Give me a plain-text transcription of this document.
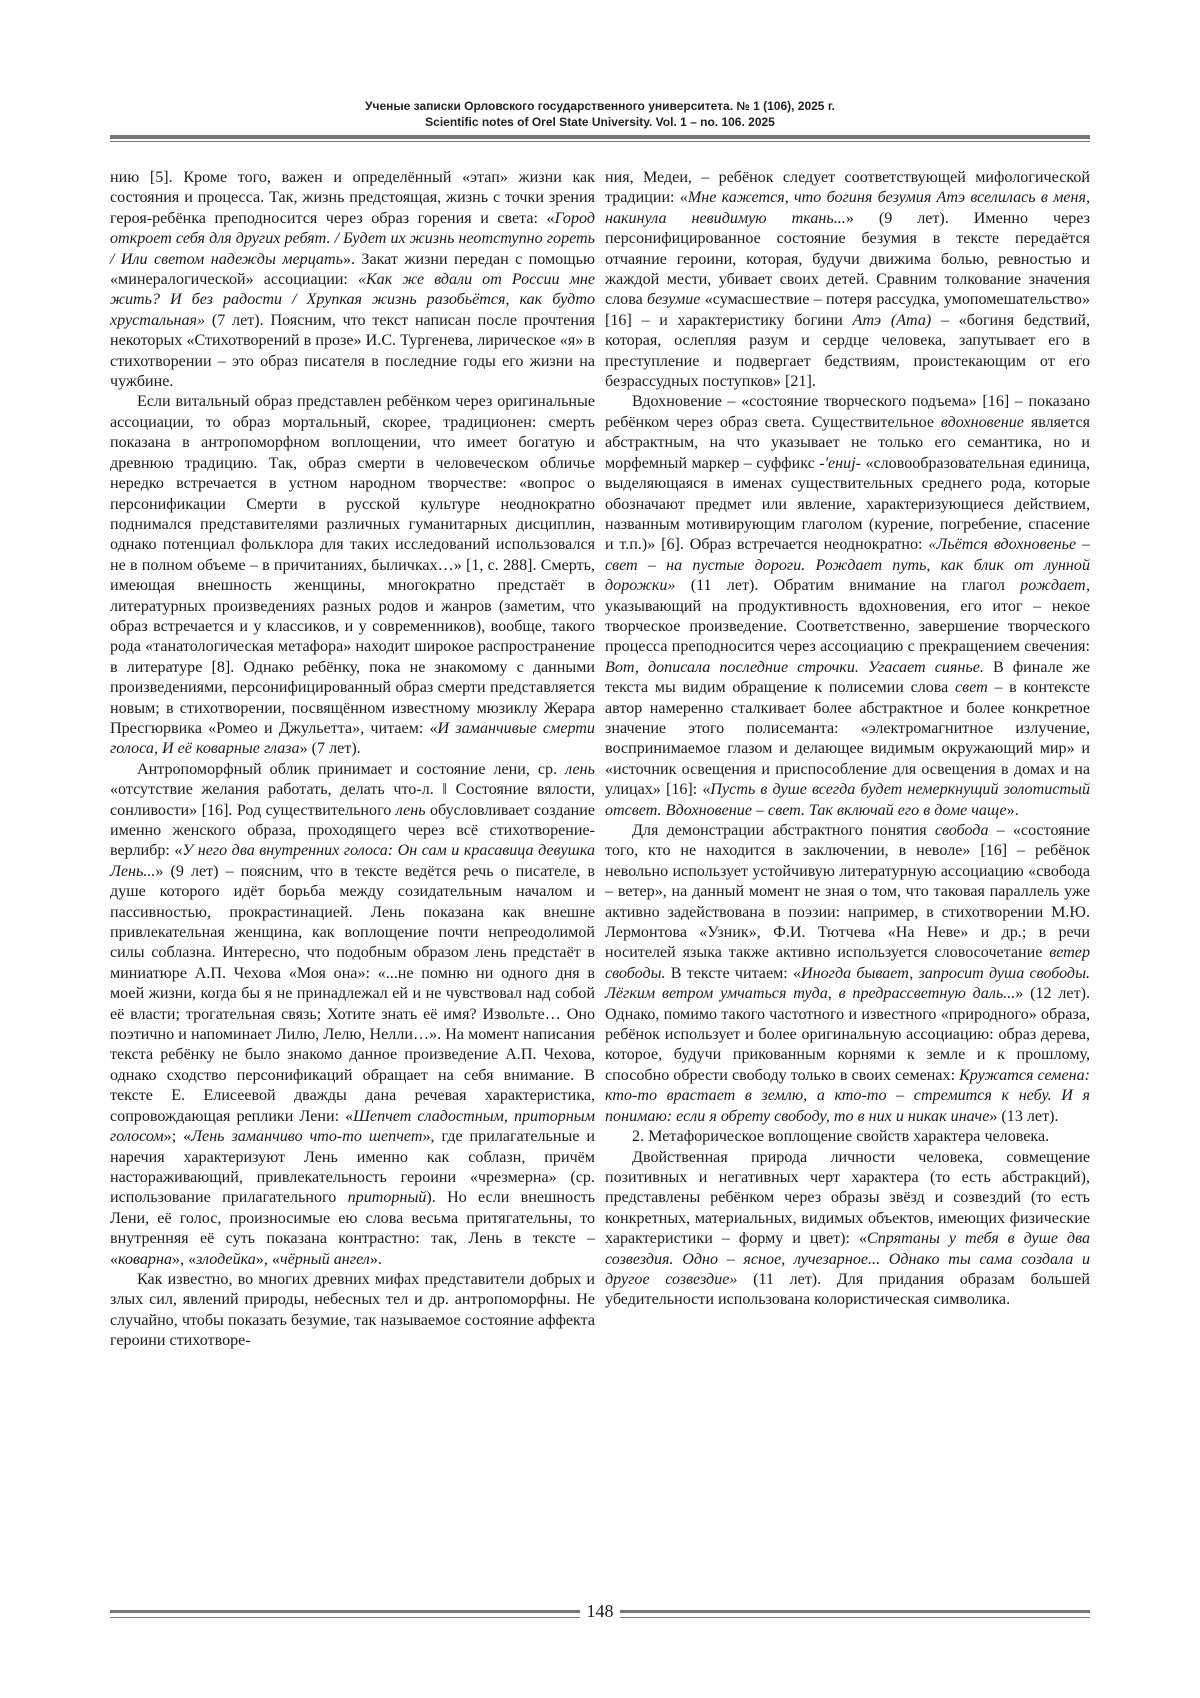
Ученые записки Орловского государственного университета. № 1 (106), 2025 г.
Scientific notes of Orel State University. Vol. 1 – no. 106. 2025

нию [5]. Кроме того, важен и определённый «этап» жизни как состояния и процесса. Так, жизнь предстоящая, жизнь с точки зрения героя-ребёнка преподносится через образ горения и света: «Город откроет себя для других ребят. / Будет их жизнь неотступно гореть / Или светом надежды мерцать». Закат жизни передан с помощью «минералогической» ассоциации: «Как же вдали от России мне жить? И без радости / Хрупкая жизнь разобьётся, как будто хрустальная» (7 лет). Поясним, что текст написан после прочтения некоторых «Стихотворений в прозе» И.С. Тургенева, лирическое «я» в стихотворении – это образ писателя в последние годы его жизни на чужбине.

Если витальный образ представлен ребёнком через оригинальные ассоциации, то образ мортальный, скорее, традиционен: смерть показана в антропоморфном воплощении, что имеет богатую и древнюю традицию. Так, образ смерти в человеческом обличье нередко встречается в устном народном творчестве: «вопрос о персонификации Смерти в русской культуре неоднократно поднимался представителями различных гуманитарных дисциплин, однако потенциал фольклора для таких исследований использовался не в полном объеме – в причитаниях, быличках…» [1, с. 288]. Смерть, имеющая внешность женщины, многократно предстаёт в литературных произведениях разных родов и жанров (заметим, что образ встречается и у классиков, и у современников), вообще, такого рода «танатологическая метафора» находит широкое распространение в литературе [8]. Однако ребёнку, пока не знакомому с данными произведениями, персонифицированный образ смерти представляется новым; в стихотворении, посвящённом известному мюзиклу Жерара Пресгюрвика «Ромео и Джульетта», читаем: «И заманчивые смерти голоса, И её коварные глаза» (7 лет).

Антропоморфный облик принимает и состояние лени, ср. лень «отсутствие желания работать, делать что-л. ‖ Состояние вялости, сонливости» [16]. Род существительного лень обусловливает создание именно женского образа, проходящего через всё стихотворение-верлибр: «У него два внутренних голоса: Он сам и красавица девушка Лень...» (9 лет) – поясним, что в тексте ведётся речь о писателе, в душе которого идёт борьба между созидательным началом и пассивностью, прокрастинацией. Лень показана как внешне привлекательная женщина, как воплощение почти непреодолимой силы соблазна. Интересно, что подобным образом лень предстаёт в миниатюре А.П. Чехова «Моя она»: «...не помню ни одного дня в моей жизни, когда бы я не принадлежал ей и не чувствовал над собой её власти; трогательная связь; Хотите знать её имя? Извольте… Оно поэтично и напоминает Лилю, Лелю, Нелли…». На момент написания текста ребёнку не было знакомо данное произведение А.П. Чехова, однако сходство персонификаций обращает на себя внимание. В тексте Е. Елисеевой дважды дана речевая характеристика, сопровождающая реплики Лени: «Шепчет сладостным, приторным голосом»; «Лень заманчиво что-то шепчет», где прилагательные и наречия характеризуют Лень именно как соблазн, причём настораживающий, привлекательность героини «чрезмерна» (ср. использование прилагательного приторный). Но если внешность Лени, её голос, произносимые ею слова весьма притягательны, то внутренняя её суть показана контрастно: так, Лень в тексте – «коварна», «злодейка», «чёрный ангел».

Как известно, во многих древних мифах представители добрых и злых сил, явлений природы, небесных тел и др. антропоморфны. Не случайно, чтобы показать безумие, так называемое состояние аффекта героини стихотворе-

ния, Медеи, – ребёнок следует соответствующей мифологической традиции: «Мне кажется, что богиня безумия Атэ вселилась в меня, накинула невидимую ткань...» (9 лет). Именно через персонифицированное состояние безумия в тексте передаётся отчаяние героини, которая, будучи движима болью, ревностью и жаждой мести, убивает своих детей. Сравним толкование значения слова безумие «сумасшествие – потеря рассудка, умопомешательство» [16] – и характеристику богини Атэ (Ата) – «богиня бедствий, которая, ослепляя разум и сердце человека, запутывает его в преступление и подвергает бедствиям, проистекающим от его безрассудных поступков» [21].

Вдохновение – «состояние творческого подъема» [16] – показано ребёнком через образ света. Существительное вдохновение является абстрактным, на что указывает не только его семантика, но и морфемный маркер – суффикс -'ениј- «словообразовательная единица, выделяющаяся в именах существительных среднего рода, которые обозначают предмет или явление, характеризующиеся действием, названным мотивирующим глаголом (курение, погребение, спасение и т.п.)» [6]. Образ встречается неоднократно: «Льётся вдохновенье – свет – на пустые дороги. Рождает путь, как блик от лунной дорожки» (11 лет). Обратим внимание на глагол рождает, указывающий на продуктивность вдохновения, его итог – некое творческое произведение. Соответственно, завершение творческого процесса преподносится через ассоциацию с прекращением свечения: Вот, дописала последние строчки. Угасает сиянье. В финале же текста мы видим обращение к полисемии слова свет – в контексте автор намеренно сталкивает более абстрактное и более конкретное значение этого полисеманта: «электромагнитное излучение, воспринимаемое глазом и делающее видимым окружающий мир» и «источник освещения и приспособление для освещения в домах и на улицах» [16]: «Пусть в душе всегда будет немеркнущий золотистый отсвет. Вдохновение – свет. Так включай его в доме чаще».

Для демонстрации абстрактного понятия свобода – «состояние того, кто не находится в заключении, в неволе» [16] – ребёнок невольно использует устойчивую литературную ассоциацию «свобода – ветер», на данный момент не зная о том, что таковая параллель уже активно задействована в поэзии: например, в стихотворении М.Ю. Лермонтова «Узник», Ф.И. Тютчева «На Неве» и др.; в речи носителей языка также активно используется словосочетание ветер свободы. В тексте читаем: «Иногда бывает, запросит душа свободы. Лёгким ветром умчаться туда, в предрассветную даль...» (12 лет). Однако, помимо такого частотного и известного «природного» образа, ребёнок использует и более оригинальную ассоциацию: образ дерева, которое, будучи прикованным корнями к земле и к прошлому, способно обрести свободу только в своих семенах: Кружатся семена: кто-то врастает в землю, а кто-то – стремится к небу. И я понимаю: если я обрету свободу, то в них и никак иначе» (13 лет).

2. Метафорическое воплощение свойств характера человека.

Двойственная природа личности человека, совмещение позитивных и негативных черт характера (то есть абстракций), представлены ребёнком через образы звёзд и созвездий (то есть конкретных, материальных, видимых объектов, имеющих физические характеристики – форму и цвет): «Спрятаны у тебя в душе два созвездия. Одно – ясное, лучезарное... Однако ты сама создала и другое созвездие» (11 лет). Для придания образам большей убедительности использована колористическая символика.

148
